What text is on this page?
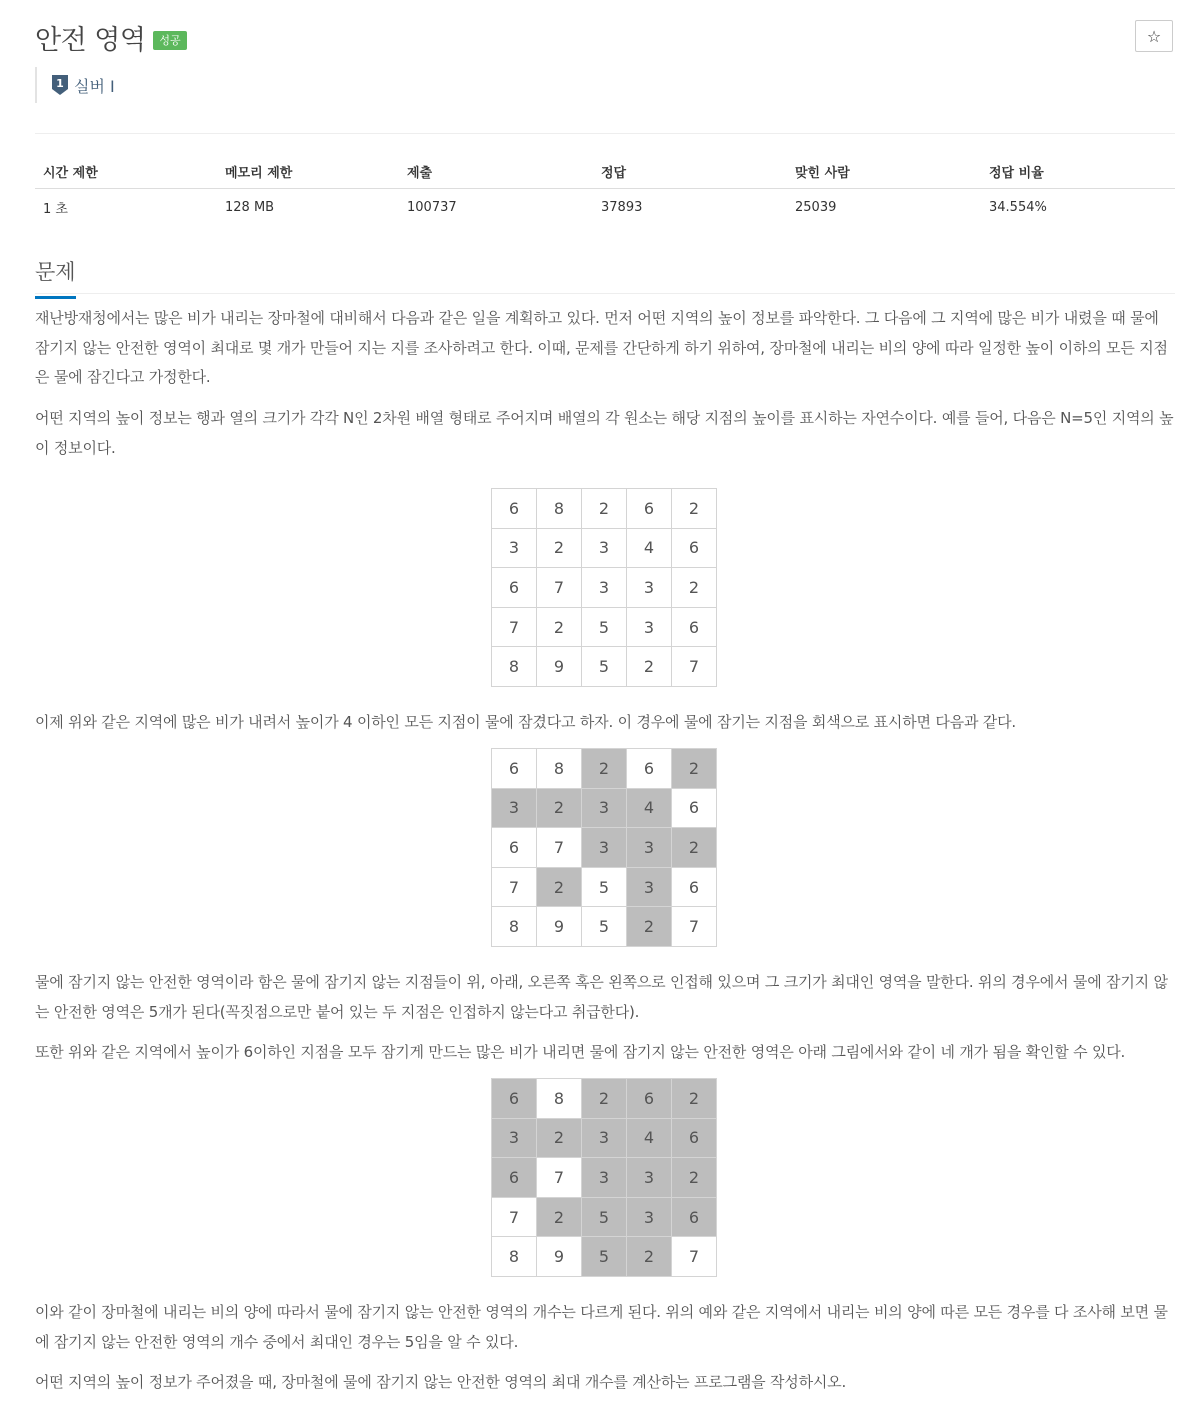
안전 영역	성공	☆
1 실버 I
시간 제한	메모리 제한	제출	정답	맞힌 사람	정답 비율
1 초	128 MB	100737	37893	25039	34.554%
문제

재난방재청에서는 많은 비가 내리는 장마철에 대비해서 다음과 같은 일을 계획하고 있다. 먼저 어떤 지역의 높이 정보를 파악한다. 그 다음에 그 지역에 많은 비가 내렸을 때 물에 잠기지 않는 안전한 영역이 최대로 몇 개가 만들어 지는 지를 조사하려고 한다. 이때, 문제를 간단하게 하기 위하여, 장마철에 내리는 비의 양에 따라 일정한 높이 이하의 모든 지점은 물에 잠긴다고 가정한다.

어떤 지역의 높이 정보는 행과 열의 크기가 각각 N인 2차원 배열 형태로 주어지며 배열의 각 원소는 해당 지점의 높이를 표시하는 자연수이다. 예를 들어, 다음은 N=5인 지역의 높이 정보이다.

6	8	2	6	2
3	2	3	4	6
6	7	3	3	2
7	2	5	3	6
8	9	5	2	7

이제 위와 같은 지역에 많은 비가 내려서 높이가 4 이하인 모든 지점이 물에 잠겼다고 하자. 이 경우에 물에 잠기는 지점을 회색으로 표시하면 다음과 같다.

6	8	2	6	2
3	2	3	4	6
6	7	3	3	2
7	2	5	3	6
8	9	5	2	7

물에 잠기지 않는 안전한 영역이라 함은 물에 잠기지 않는 지점들이 위, 아래, 오른쪽 혹은 왼쪽으로 인접해 있으며 그 크기가 최대인 영역을 말한다. 위의 경우에서 물에 잠기지 않는 안전한 영역은 5개가 된다(꼭짓점으로만 붙어 있는 두 지점은 인접하지 않는다고 취급한다).

또한 위와 같은 지역에서 높이가 6이하인 지점을 모두 잠기게 만드는 많은 비가 내리면 물에 잠기지 않는 안전한 영역은 아래 그림에서와 같이 네 개가 됨을 확인할 수 있다.

6	8	2	6	2
3	2	3	4	6
6	7	3	3	2
7	2	5	3	6
8	9	5	2	7

이와 같이 장마철에 내리는 비의 양에 따라서 물에 잠기지 않는 안전한 영역의 개수는 다르게 된다. 위의 예와 같은 지역에서 내리는 비의 양에 따른 모든 경우를 다 조사해 보면 물에 잠기지 않는 안전한 영역의 개수 중에서 최대인 경우는 5임을 알 수 있다.

어떤 지역의 높이 정보가 주어졌을 때, 장마철에 물에 잠기지 않는 안전한 영역의 최대 개수를 계산하는 프로그램을 작성하시오.
